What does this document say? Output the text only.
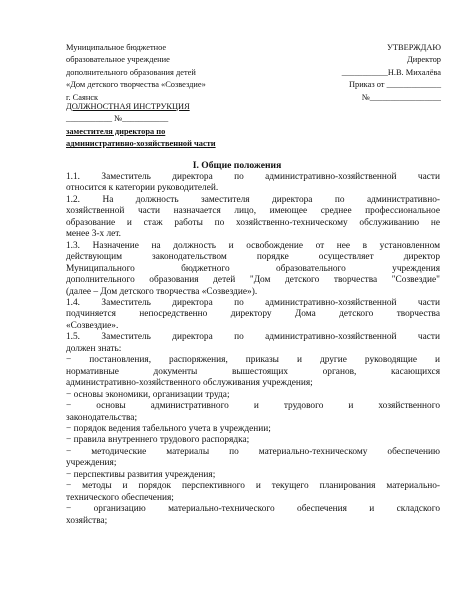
Муниципальное бюджетное
образовательное учреждение
дополнительного образования детей
«Дом детского творчества «Созвездие»
г. Саянск
УТВЕРЖДАЮ
Директор
___________Н.В. Михалёва
Приказ от _____________
№_________________
ДОЛЖНОСТНАЯ ИНСТРУКЦИЯ
___________ №___________
заместителя директора по
административно-хозяйственной части
I. Общие положения

1.1. Заместитель директора по административно-хозяйственной части

относится к категории руководителей.

1.2. На должность заместителя директора по административно-

хозяйственной части назначается лицо, имеющее среднее профессиональное

образование и стаж работы по хозяйственно-техническому обслуживанию не

менее 3-х лет.

1.3. Назначение на должность и освобождение от нее в установленном

действующим законодательством порядке осуществляет директор

Муниципального бюджетного образовательного учреждения

дополнительного образования детей "Дом детского творчества "Созвездие"

(далее – Дом детского творчества «Созвездие»).

1.4. Заместитель директора по административно-хозяйственной части

подчиняется непосредственно директору Дома детского творчества

«Созвездие».

1.5. Заместитель директора по административно-хозяйственной части

должен знать:

− постановления, распоряжения, приказы и другие руководящие и

нормативные документы вышестоящих органов, касающихся

административно-хозяйственного обслуживания учреждения;

− основы экономики, организации труда;

− основы административного и трудового и хозяйственного

законодательства;

− порядок ведения табельного учета в учреждении;

− правила внутреннего трудового распорядка;

− методические материалы по материально-техническому обеспечению

учреждения;

− перспективы развития учреждения;

− методы и порядок перспективного и текущего планирования материально-

технического обеспечения;

− организацию материально-технического обеспечения и складского

хозяйства;
